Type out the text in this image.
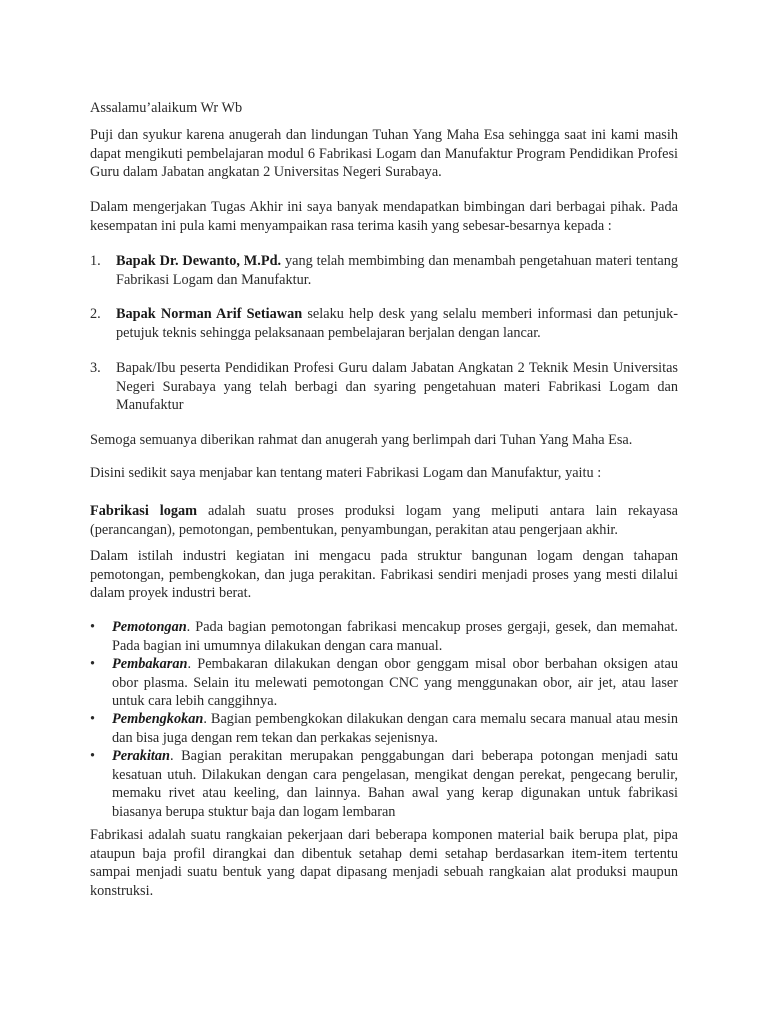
Assalamu’alaikum Wr Wb

Puji dan syukur karena anugerah dan lindungan Tuhan Yang Maha Esa sehingga saat ini kami masih dapat mengikuti pembelajaran modul 6 Fabrikasi Logam dan Manufaktur Program Pendidikan Profesi Guru dalam Jabatan angkatan 2 Universitas Negeri Surabaya.

Dalam mengerjakan Tugas Akhir ini saya banyak mendapatkan bimbingan dari berbagai pihak. Pada kesempatan ini pula kami menyampaikan rasa terima kasih yang sebesar-besarnya kepada :

1.	Bapak Dr. Dewanto, M.Pd. yang telah membimbing dan menambah pengetahuan materi tentang Fabrikasi Logam dan Manufaktur.
2.	Bapak Norman Arif Setiawan selaku help desk yang selalu memberi informasi dan petunjuk-petujuk teknis sehingga pelaksanaan pembelajaran berjalan dengan lancar.
3.	Bapak/Ibu peserta Pendidikan Profesi Guru dalam Jabatan Angkatan 2 Teknik Mesin Universitas Negeri Surabaya yang telah berbagi dan syaring pengetahuan materi Fabrikasi Logam dan Manufaktur

Semoga semuanya diberikan rahmat dan anugerah yang berlimpah dari Tuhan Yang Maha Esa.

Disini sedikit saya menjabar kan tentang materi Fabrikasi Logam dan Manufaktur, yaitu :

Fabrikasi logam adalah suatu proses produksi logam yang meliputi antara lain rekayasa (perancangan), pemotongan, pembentukan, penyambungan, perakitan atau pengerjaan akhir.

Dalam istilah industri kegiatan ini mengacu pada struktur bangunan logam dengan tahapan pemotongan, pembengkokan, dan juga perakitan. Fabrikasi sendiri menjadi proses yang mesti dilalui dalam proyek industri berat.

•	Pemotongan. Pada bagian pemotongan fabrikasi mencakup proses gergaji, gesek, dan memahat. Pada bagian ini umumnya dilakukan dengan cara manual.
•	Pembakaran. Pembakaran dilakukan dengan obor genggam misal obor berbahan oksigen atau obor plasma. Selain itu melewati pemotongan CNC yang menggunakan obor, air jet, atau laser untuk cara lebih canggihnya.
•	Pembengkokan. Bagian pembengkokan dilakukan dengan cara memalu secara manual atau mesin dan bisa juga dengan rem tekan dan perkakas sejenisnya.
•	Perakitan. Bagian perakitan merupakan penggabungan dari beberapa potongan menjadi satu kesatuan utuh. Dilakukan dengan cara pengelasan, mengikat dengan perekat, pengecang berulir, memaku rivet atau keeling, dan lainnya. Bahan awal yang kerap digunakan untuk fabrikasi biasanya berupa stuktur baja dan logam lembaran

Fabrikasi adalah suatu rangkaian pekerjaan dari beberapa komponen material baik berupa plat, pipa ataupun baja profil dirangkai dan dibentuk setahap demi setahap berdasarkan item-item tertentu sampai menjadi suatu bentuk yang dapat dipasang menjadi sebuah rangkaian alat produksi maupun konstruksi.
